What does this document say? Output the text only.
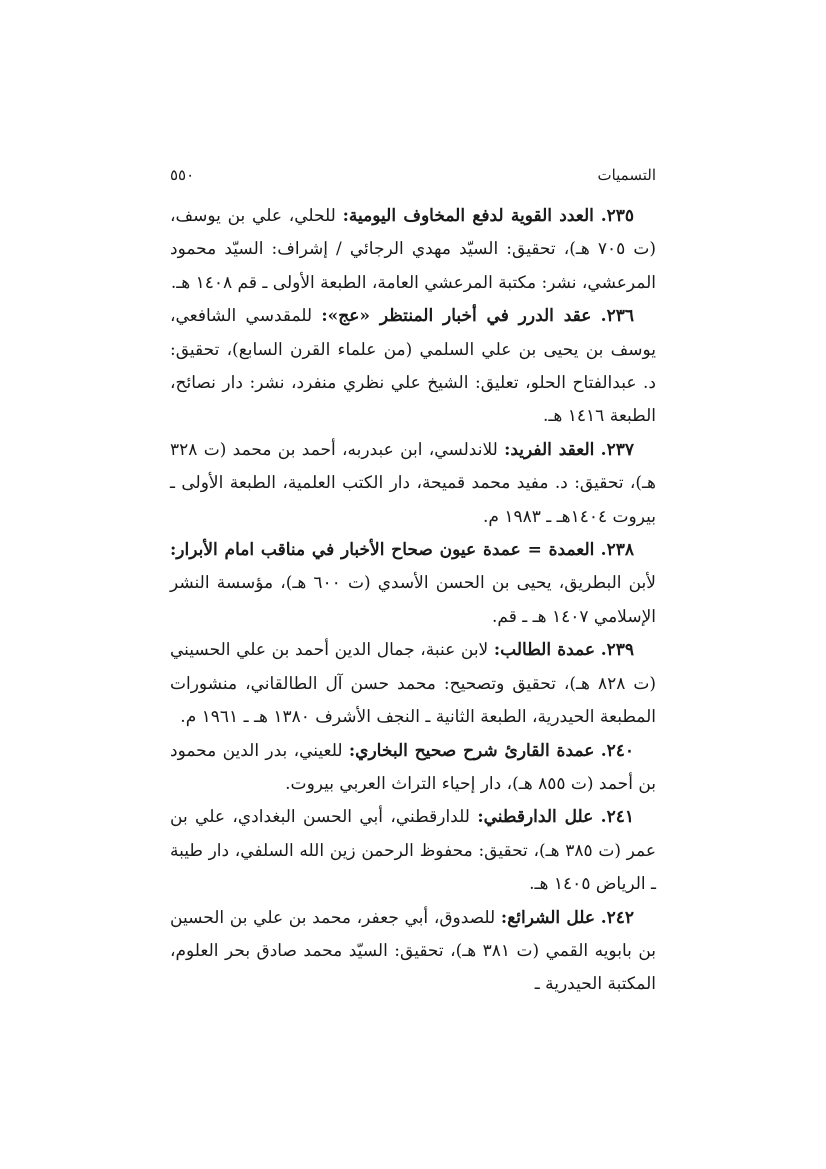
التسميات
٥٥٠

٢٣٥. العدد القوية لدفع المخاوف اليومية: للحلي، علي بن يوسف، (ت ٧٠٥ هـ)، تحقيق: السيّد مهدي الرجائي / إشراف: السيّد محمود المرعشي، نشر: مكتبة المرعشي العامة، الطبعة الأولى ـ قم ١٤٠٨ هـ.

٢٣٦. عقد الدرر في أخبار المنتظر «عج»: للمقدسي الشافعي، يوسف بن يحيى بن علي السلمي (من علماء القرن السابع)، تحقيق: د. عبدالفتاح الحلو، تعليق: الشيخ علي نظري منفرد، نشر: دار نصائح، الطبعة ١٤١٦ هـ.

٢٣٧. العقد الفريد: للاندلسي، ابن عبدربه، أحمد بن محمد (ت ٣٢٨ هـ)، تحقيق: د. مفيد محمد قميحة، دار الكتب العلمية، الطبعة الأولى ـ بيروت ١٤٠٤هـ ـ ١٩٨٣ م.

٢٣٨. العمدة = عمدة عيون صحاح الأخبار في مناقب امام الأبرار: لأبن البطريق، يحيى بن الحسن الأسدي (ت ٦٠٠ هـ)، مؤسسة النشر الإسلامي ١٤٠٧ هـ ـ قم.

٢٣٩. عمدة الطالب: لابن عنبة، جمال الدين أحمد بن علي الحسيني (ت ٨٢٨ هـ)، تحقيق وتصحيح: محمد حسن آل الطالقاني، منشورات المطبعة الحيدرية، الطبعة الثانية ـ النجف الأشرف ١٣٨٠ هـ ـ ١٩٦١ م.

٢٤٠. عمدة القارئ شرح صحيح البخاري: للعيني، بدر الدين محمود بن أحمد (ت ٨٥٥ هـ)، دار إحياء التراث العربي بيروت.

٢٤١. علل الدارقطني: للدارقطني، أبي الحسن البغدادي، علي بن عمر (ت ٣٨٥ هـ)، تحقيق: محفوظ الرحمن زين الله السلفي، دار طيبة ـ الرياض ١٤٠٥ هـ.

٢٤٢. علل الشرائع: للصدوق، أبي جعفر، محمد بن علي بن الحسين بن بابويه القمي (ت ٣٨١ هـ)، تحقيق: السيّد محمد صادق بحر العلوم، المكتبة الحيدرية ـ
